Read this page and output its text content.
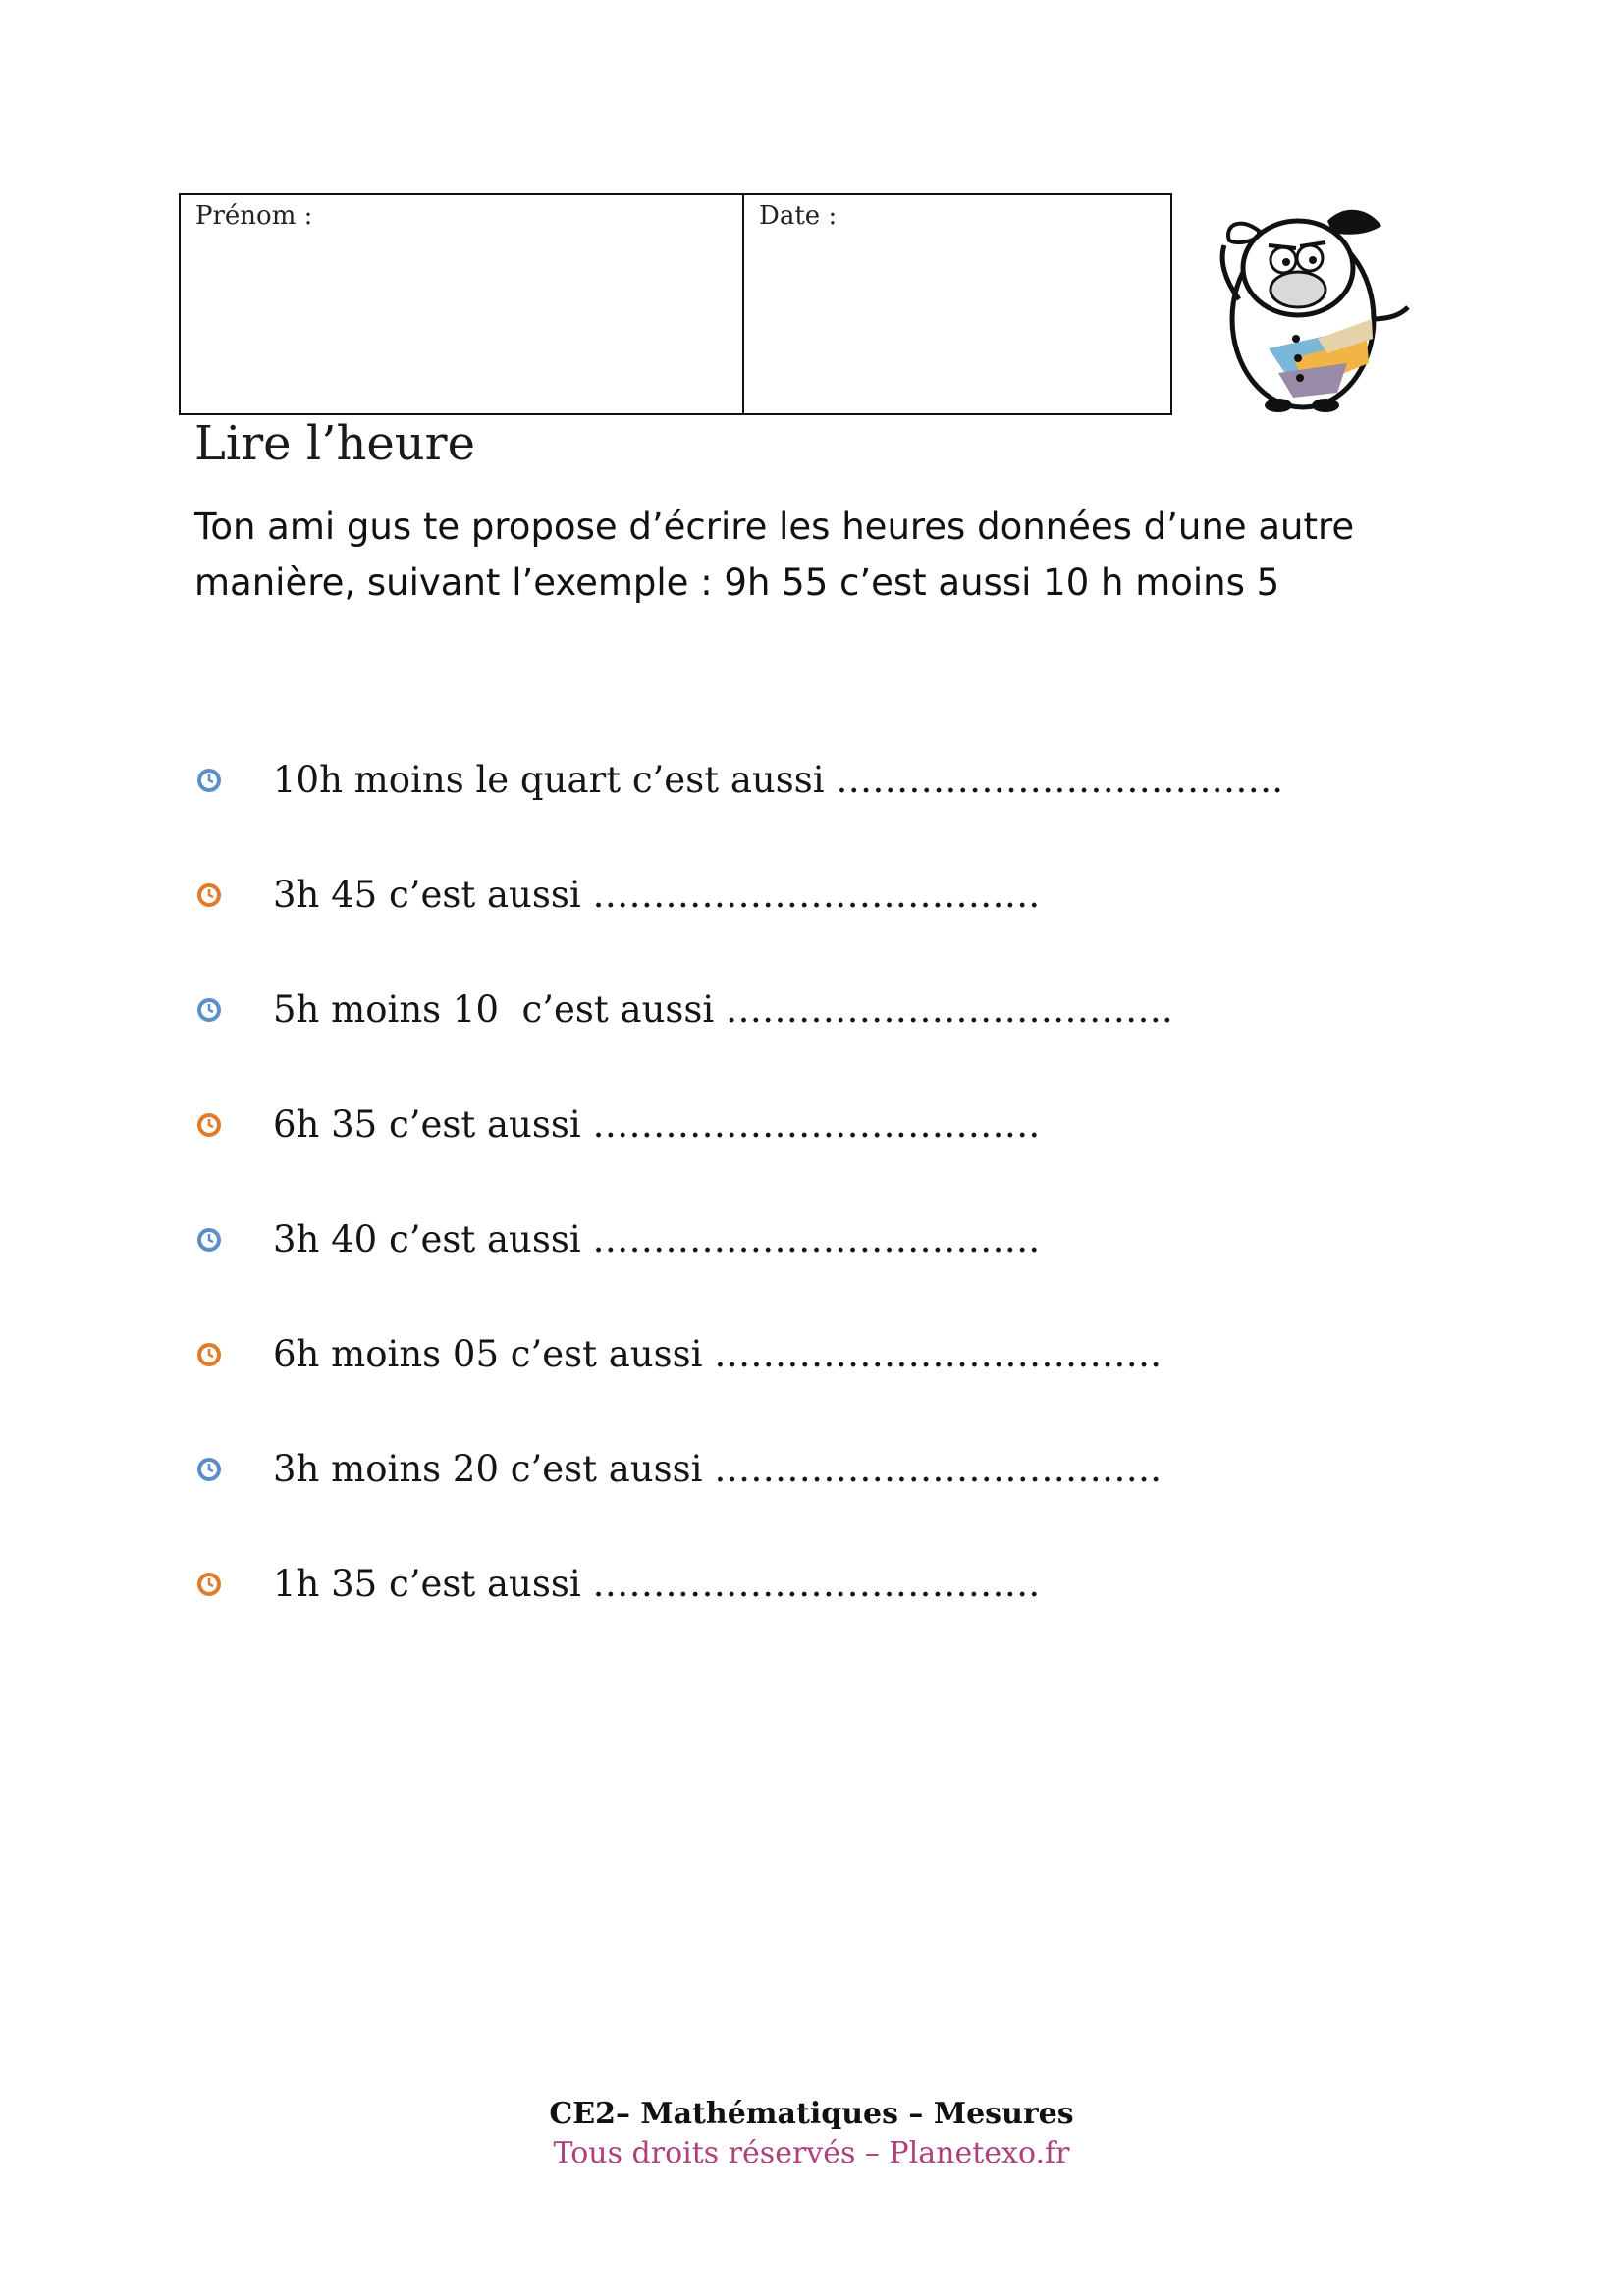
Prénom :	Date :
Lire l’heure

Ton ami gus te propose d’écrire les heures données d’une autre

manière, suivant l’exemple : 9h 55 c’est aussi 10 h moins 5

10h moins le quart c’est aussi ……………………………….
3h 45 c’est aussi ……………………………….
5h moins 10  c’est aussi ……………………………….
6h 35 c’est aussi ……………………………….
3h 40 c’est aussi ……………………………….
6h moins 05 c’est aussi ……………………………….
3h moins 20 c’est aussi ……………………………….
1h 35 c’est aussi ……………………………….
CE2– Mathématiques – Mesures
Tous droits réservés – Planetexo.fr
